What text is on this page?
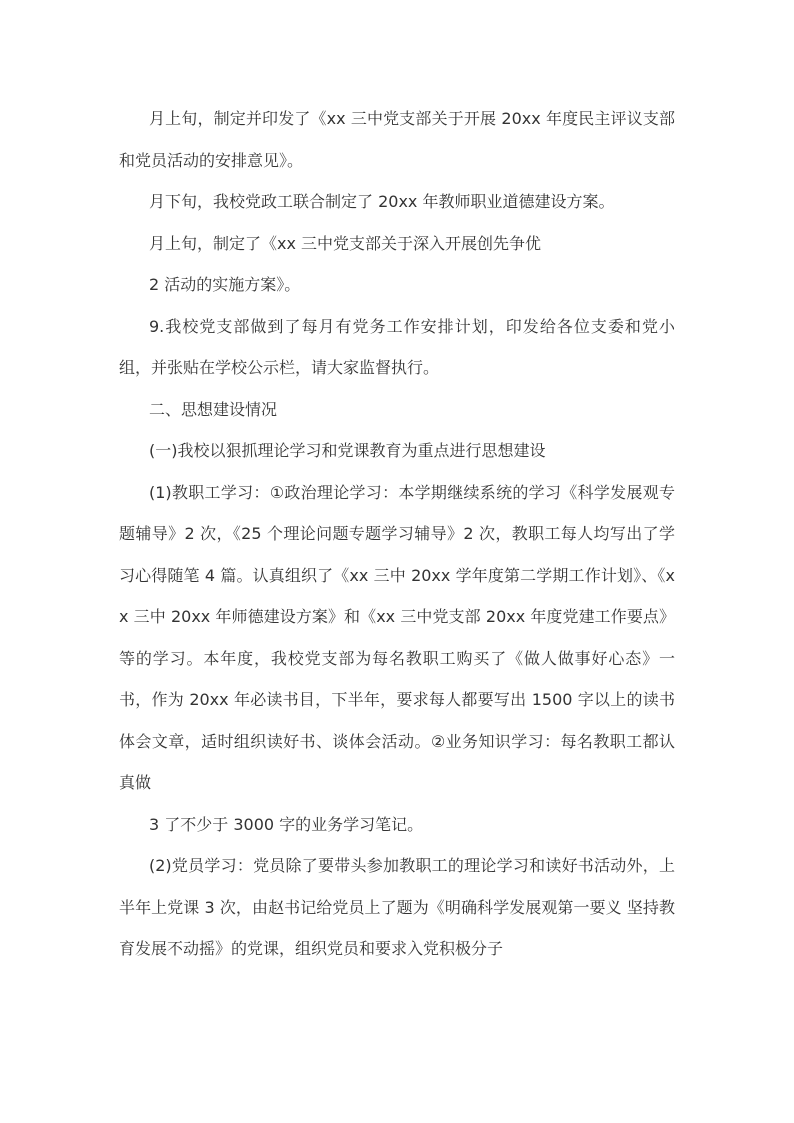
月上旬，制定并印发了《xx 三中党支部关于开展 20xx 年度民主评议支部和党员活动的安排意见》。

月下旬，我校党政工联合制定了 20xx 年教师职业道德建设方案。

月上旬，制定了《xx 三中党支部关于深入开展创先争优

2 活动的实施方案》。

9.我校党支部做到了每月有党务工作安排计划，印发给各位支委和党小组，并张贴在学校公示栏，请大家监督执行。

二、思想建设情况

(一)我校以狠抓理论学习和党课教育为重点进行思想建设

(1)教职工学习：①政治理论学习：本学期继续系统的学习《科学发展观专题辅导》2 次，《25 个理论问题专题学习辅导》2 次，教职工每人均写出了学习心得随笔 4 篇。认真组织了《xx 三中 20xx 学年度第二学期工作计划》、《xx 三中 20xx 年师德建设方案》和《xx 三中党支部 20xx 年度党建工作要点》等的学习。本年度，我校党支部为每名教职工购买了《做人做事好心态》一书，作为 20xx 年必读书目，下半年，要求每人都要写出 1500 字以上的读书体会文章，适时组织读好书、谈体会活动。②业务知识学习：每名教职工都认真做

3 了不少于 3000 字的业务学习笔记。

(2)党员学习：党员除了要带头参加教职工的理论学习和读好书活动外，上半年上党课 3 次，由赵书记给党员上了题为《明确科学发展观第一要义 坚持教育发展不动摇》的党课，组织党员和要求入党积极分子
